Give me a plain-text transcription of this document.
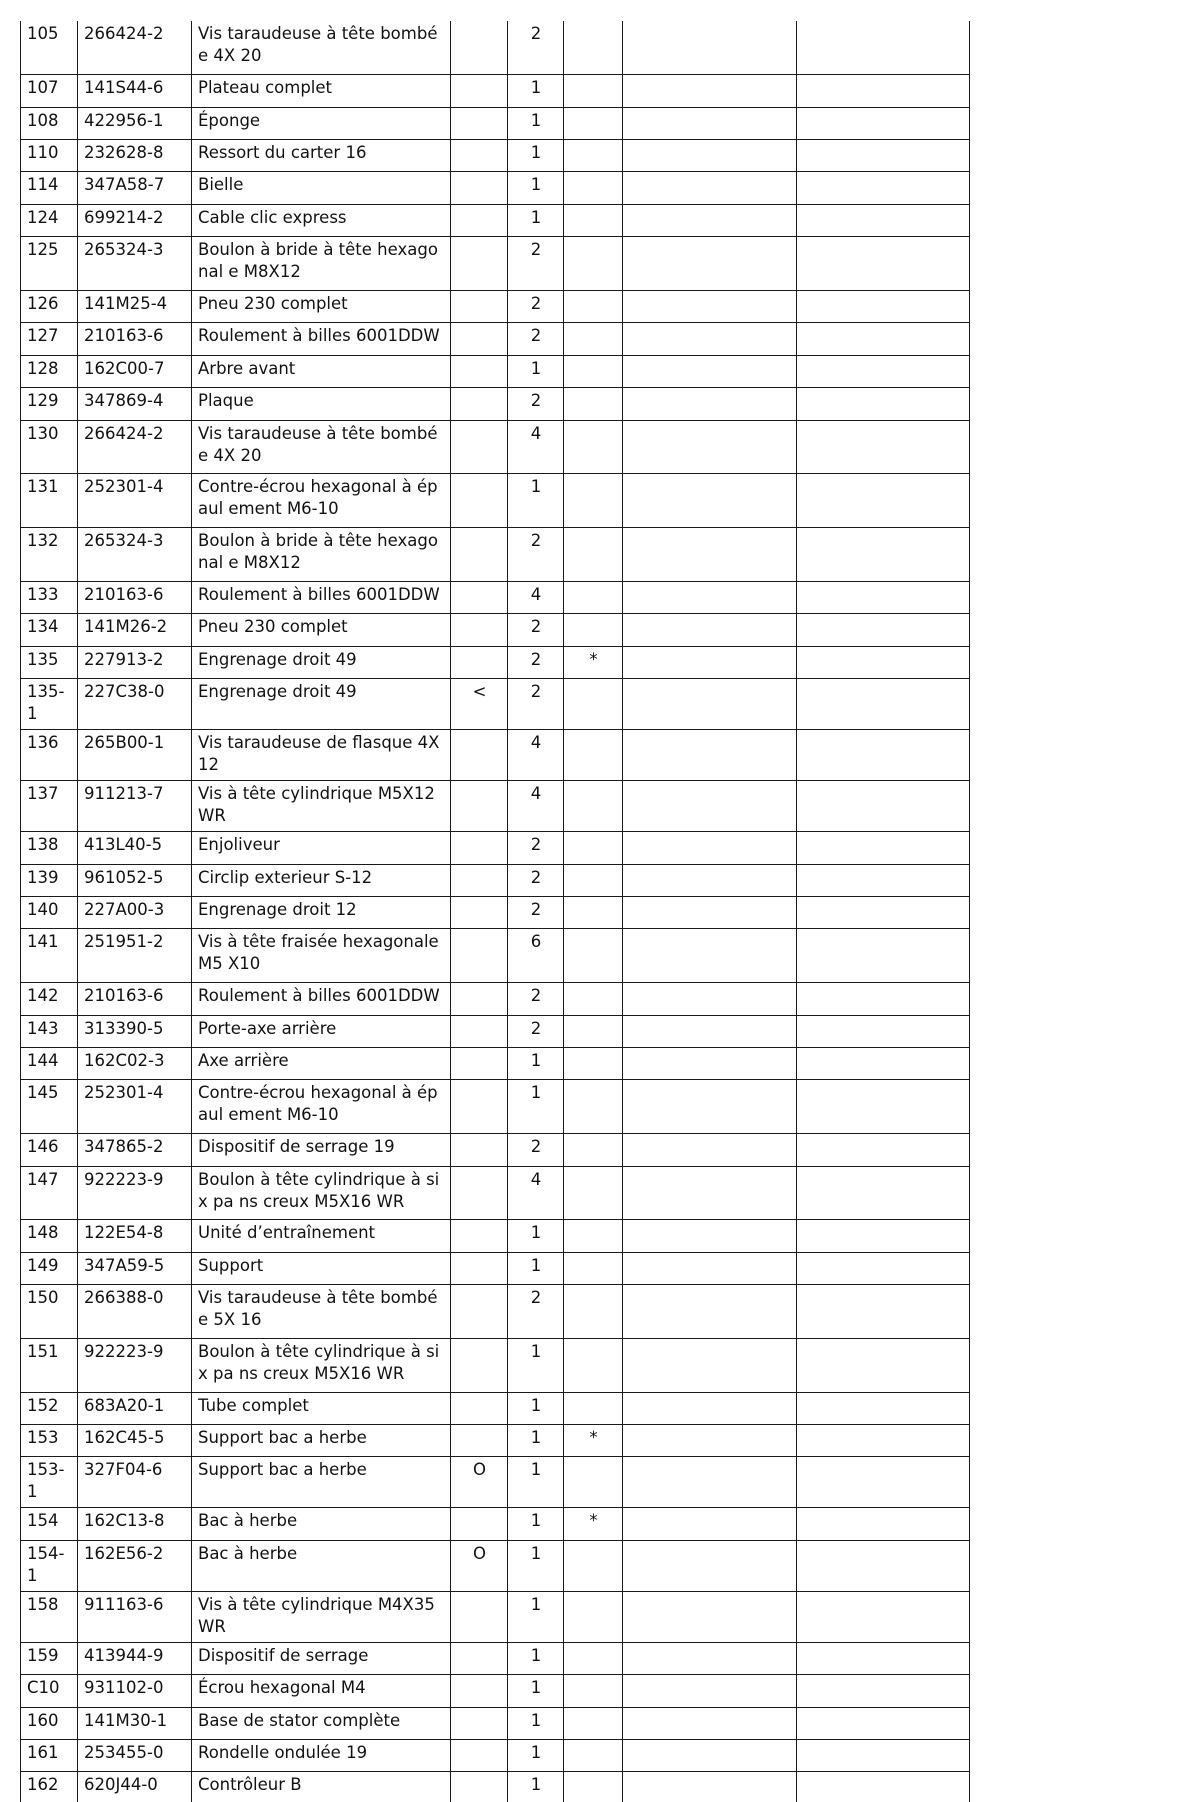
105	266424-2	Vis taraudeuse à tête bombée 4X 20		2			
107	141S44-6	Plateau complet		1			
108	422956-1	Éponge		1			
110	232628-8	Ressort du carter 16		1			
114	347A58-7	Bielle		1			
124	699214-2	Cable clic express		1			
125	265324-3	Boulon à bride à tête hexagonal e M8X12		2			
126	141M25-4	Pneu 230 complet		2			
127	210163-6	Roulement à billes 6001DDW		2			
128	162C00-7	Arbre avant		1			
129	347869-4	Plaque		2			
130	266424-2	Vis taraudeuse à tête bombée 4X 20		4			
131	252301-4	Contre-écrou hexagonal à épaul ement M6-10		1			
132	265324-3	Boulon à bride à tête hexagonal e M8X12		2			
133	210163-6	Roulement à billes 6001DDW		4			
134	141M26-2	Pneu 230 complet		2			
135	227913-2	Engrenage droit 49		2	*		
135-1	227C38-0	Engrenage droit 49	<	2			
136	265B00-1	Vis taraudeuse de flasque 4X12		4			
137	911213-7	Vis à tête cylindrique M5X12 WR		4			
138	413L40-5	Enjoliveur		2			
139	961052-5	Circlip exterieur S-12		2			
140	227A00-3	Engrenage droit 12		2			
141	251951-2	Vis à tête fraisée hexagonale M5 X10		6			
142	210163-6	Roulement à billes 6001DDW		2			
143	313390-5	Porte-axe arrière		2			
144	162C02-3	Axe arrière		1			
145	252301-4	Contre-écrou hexagonal à épaul ement M6-10		1			
146	347865-2	Dispositif de serrage 19		2			
147	922223-9	Boulon à tête cylindrique à six pa ns creux M5X16 WR		4			
148	122E54-8	Unité d’entraînement		1			
149	347A59-5	Support		1			
150	266388-0	Vis taraudeuse à tête bombée 5X 16		2			
151	922223-9	Boulon à tête cylindrique à six pa ns creux M5X16 WR		1			
152	683A20-1	Tube complet		1			
153	162C45-5	Support bac a herbe		1	*		
153-1	327F04-6	Support bac a herbe	O	1			
154	162C13-8	Bac à herbe		1	*		
154-1	162E56-2	Bac à herbe	O	1			
158	911163-6	Vis à tête cylindrique M4X35 WR		1			
159	413944-9	Dispositif de serrage		1			
C10	931102-0	Écrou hexagonal M4		1			
160	141M30-1	Base de stator complète		1			
161	253455-0	Rondelle ondulée 19		1			
162	620J44-0	Contrôleur B		1			
